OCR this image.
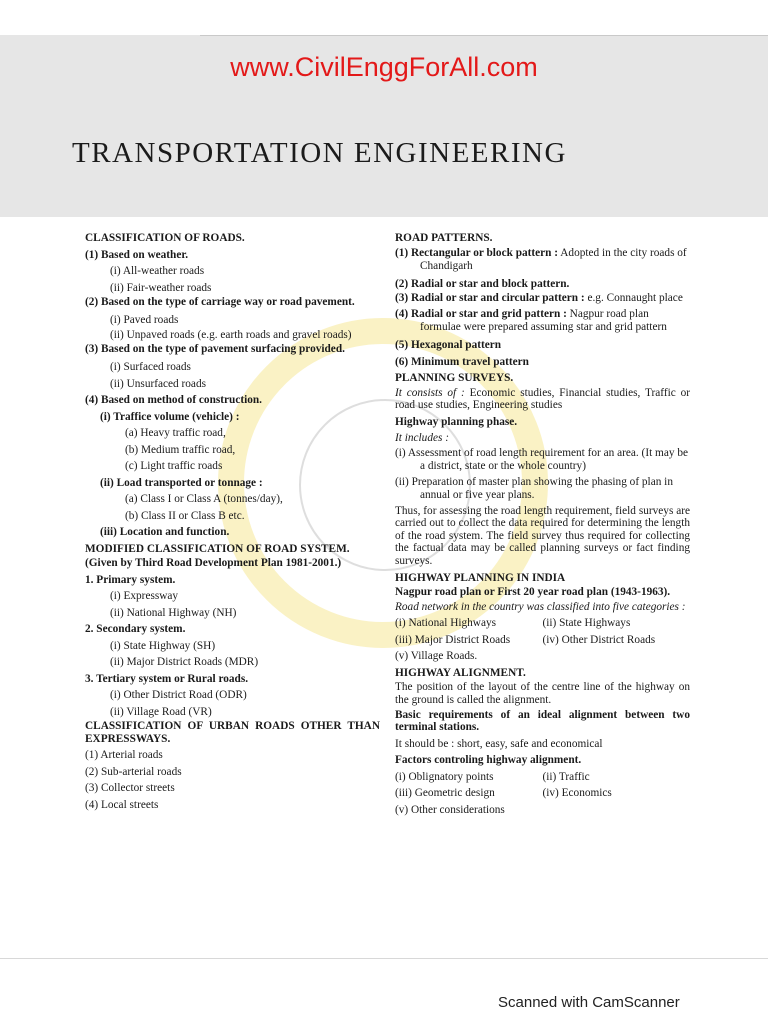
www.CivilEnggForAll.com
TRANSPORTATION ENGINEERING
CLASSIFICATION OF ROADS.
(1) Based on weather.
(i) All-weather roads
(ii) Fair-weather roads
(2) Based on the type of carriage way or road pavement.
(i) Paved roads
(ii) Unpaved roads (e.g. earth roads and gravel roads)
(3) Based on the type of pavement surfacing provided.
(i) Surfaced roads
(ii) Unsurfaced roads
(4) Based on method of construction.
(i) Traffice volume (vehicle) :
(a) Heavy traffic road,
(b) Medium traffic road,
(c) Light traffic roads
(ii) Load transported or tonnage :
(a) Class I or Class A (tonnes/day),
(b) Class II or Class B etc.
(iii) Location and function.
MODIFIED CLASSIFICATION OF ROAD SYSTEM.
(Given by Third Road Development Plan 1981-2001.)
1. Primary system.
(i) Expressway
(ii) National Highway (NH)
2. Secondary system.
(i) State Highway (SH)
(ii) Major District Roads (MDR)
3. Tertiary system or Rural roads.
(i) Other District Road (ODR)
(ii) Village Road (VR)
CLASSIFICATION OF URBAN ROADS OTHER THAN EXPRESSWAYS.
(1) Arterial roads
(2) Sub-arterial roads
(3) Collector streets
(4) Local streets
ROAD PATTERNS.
(1) Rectangular or block pattern : Adopted in the city roads of Chandigarh
(2) Radial or star and block pattern.
(3) Radial or star and circular pattern : e.g. Connaught place
(4) Radial or star and grid pattern : Nagpur road plan formulae were prepared assuming star and grid pattern
(5) Hexagonal pattern
(6) Minimum travel pattern
PLANNING SURVEYS.
It consists of : Economic studies, Financial studies, Traffic or road use studies, Engineering studies
Highway planning phase.
It includes :
(i) Assessment of road length requirement for an area. (It may be a district, state or the whole country)
(ii) Preparation of master plan showing the phasing of plan in annual or five year plans.
Thus, for assessing the road length requirement, field surveys are carried out to collect the data required for determining the length of the road system. The field survey thus required for collecting the factual data may be called planning surveys or fact finding surveys.
HIGHWAY PLANNING IN INDIA
Nagpur road plan or First 20 year road plan (1943-1963).
Road network in the country was classified into five categories :
(i) National Highways	(ii) State Highways
(iii) Major District Roads	(iv) Other District Roads
(v) Village Roads.
HIGHWAY ALIGNMENT.
The position of the layout of the centre line of the highway on the ground is called the alignment.
Basic requirements of an ideal alignment between two terminal stations.
It should be : short, easy, safe and economical
Factors controling highway alignment.
(i) Oblignatory points	(ii) Traffic
(iii) Geometric design	(iv) Economics
(v) Other considerations
Scanned with CamScanner
